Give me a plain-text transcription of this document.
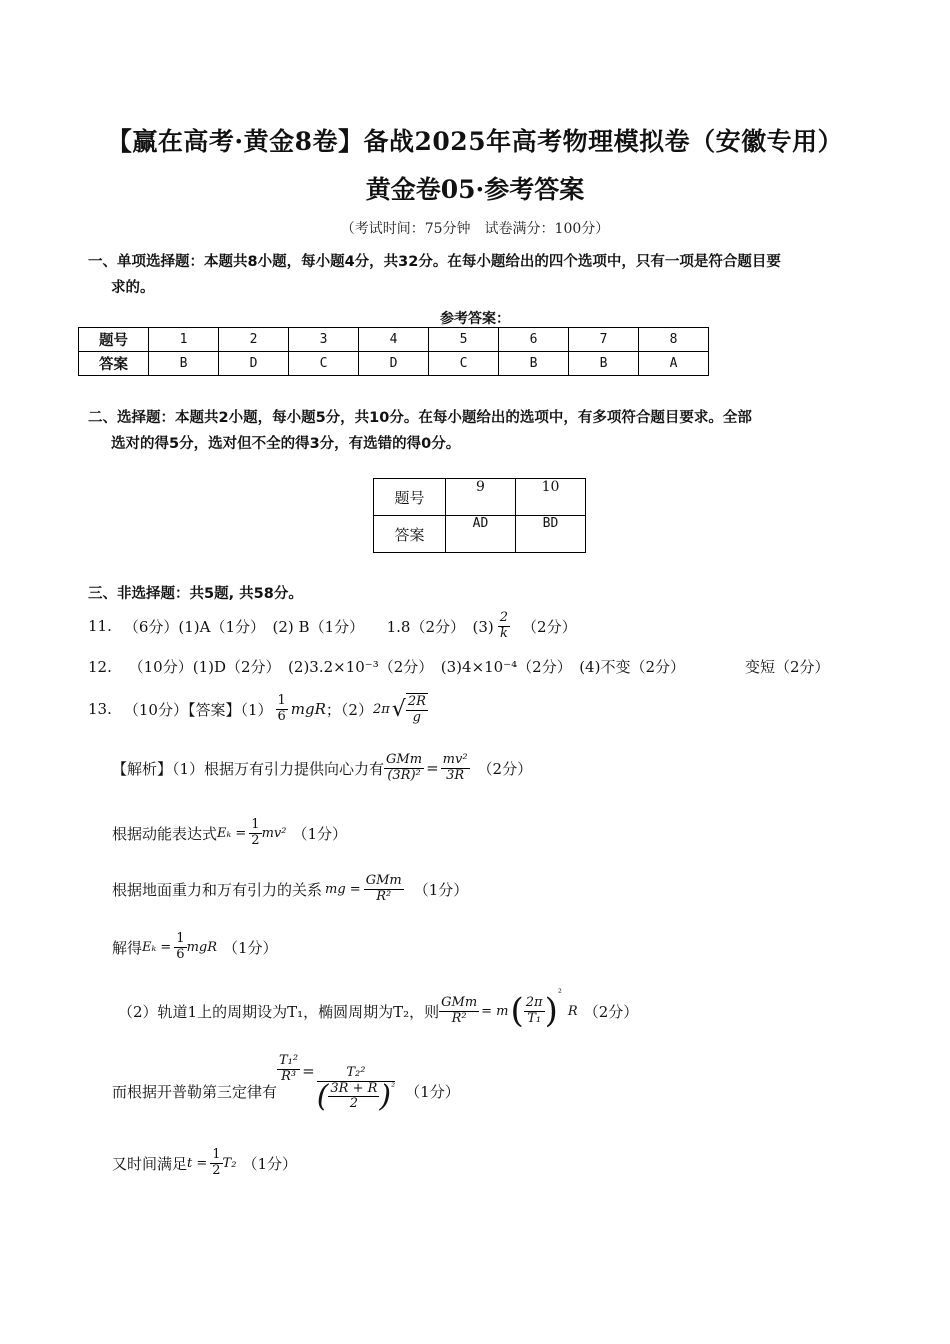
【赢在高考·黄金8卷】备战2025年高考物理模拟卷（安徽专用）
黄金卷05·参考答案
（考试时间：75分钟　试卷满分：100分）
一、单项选择题：本题共8小题，每小题4分，共32分。在每小题给出的四个选项中，只有一项是符合题目要
求的。
参考答案：
题号	1	2	3	4	5	6	7	8
答案	B	D	C	D	C	B	B	A
二、选择题：本题共2小题，每小题5分，共10分。在每小题给出的选项中，有多项符合题目要求。全部
选对的得5分，选对但不全的得3分，有选错的得0分。
题号	9	10
答案	AD	BD
三、非选择题：共5题, 共58分。
11. （6分）(1)A（1分）　(2) B（1分）　　1.8（2分）　$(3) \frac{2}{k} (2$分）
12. （10分）(1)D（2分）　(2)3.2×10⁻³（2分）　(3)4×10⁻⁴（2分）　(4)不变（2分）	变短（2分）
13. （10分）【答案】$(1) \frac{1}{6}$ mgR ；（2） 2π √ $\frac{2R}{g}$
【解析】（1）根据万有引力提供向心力有 $\frac{\text{GMm}}{\text{(3R)²}} = \frac{\text{mv²}}{3R} (2$分）
根据动能表达式 $E_k = \frac{1}{2} mv^2$ （1分）
根据地面重力和万有引力的关系 mg = $\frac{\text{GMm}}{\text{R²}} (1$分）
解得 $E_k = \frac{1}{6}$ mgR （1分）
（2）轨道1上的周期设为T₁，椭圆周期为T₂，则 $\frac{\text{GMm}}{\text{R²}} = m$ ( $\frac{2\pi}{\text{T₁}}$ ) ²
R （2分）
而根据开普勒第三定律有
$\frac{\text{T₁²}}{\text{R³}} = \frac{\text{T₂²}}{( \frac{3R + R}{2} ) ^2} (1$分）
又时间满足 $t = \frac{1}{2} T_2$ （1分）
